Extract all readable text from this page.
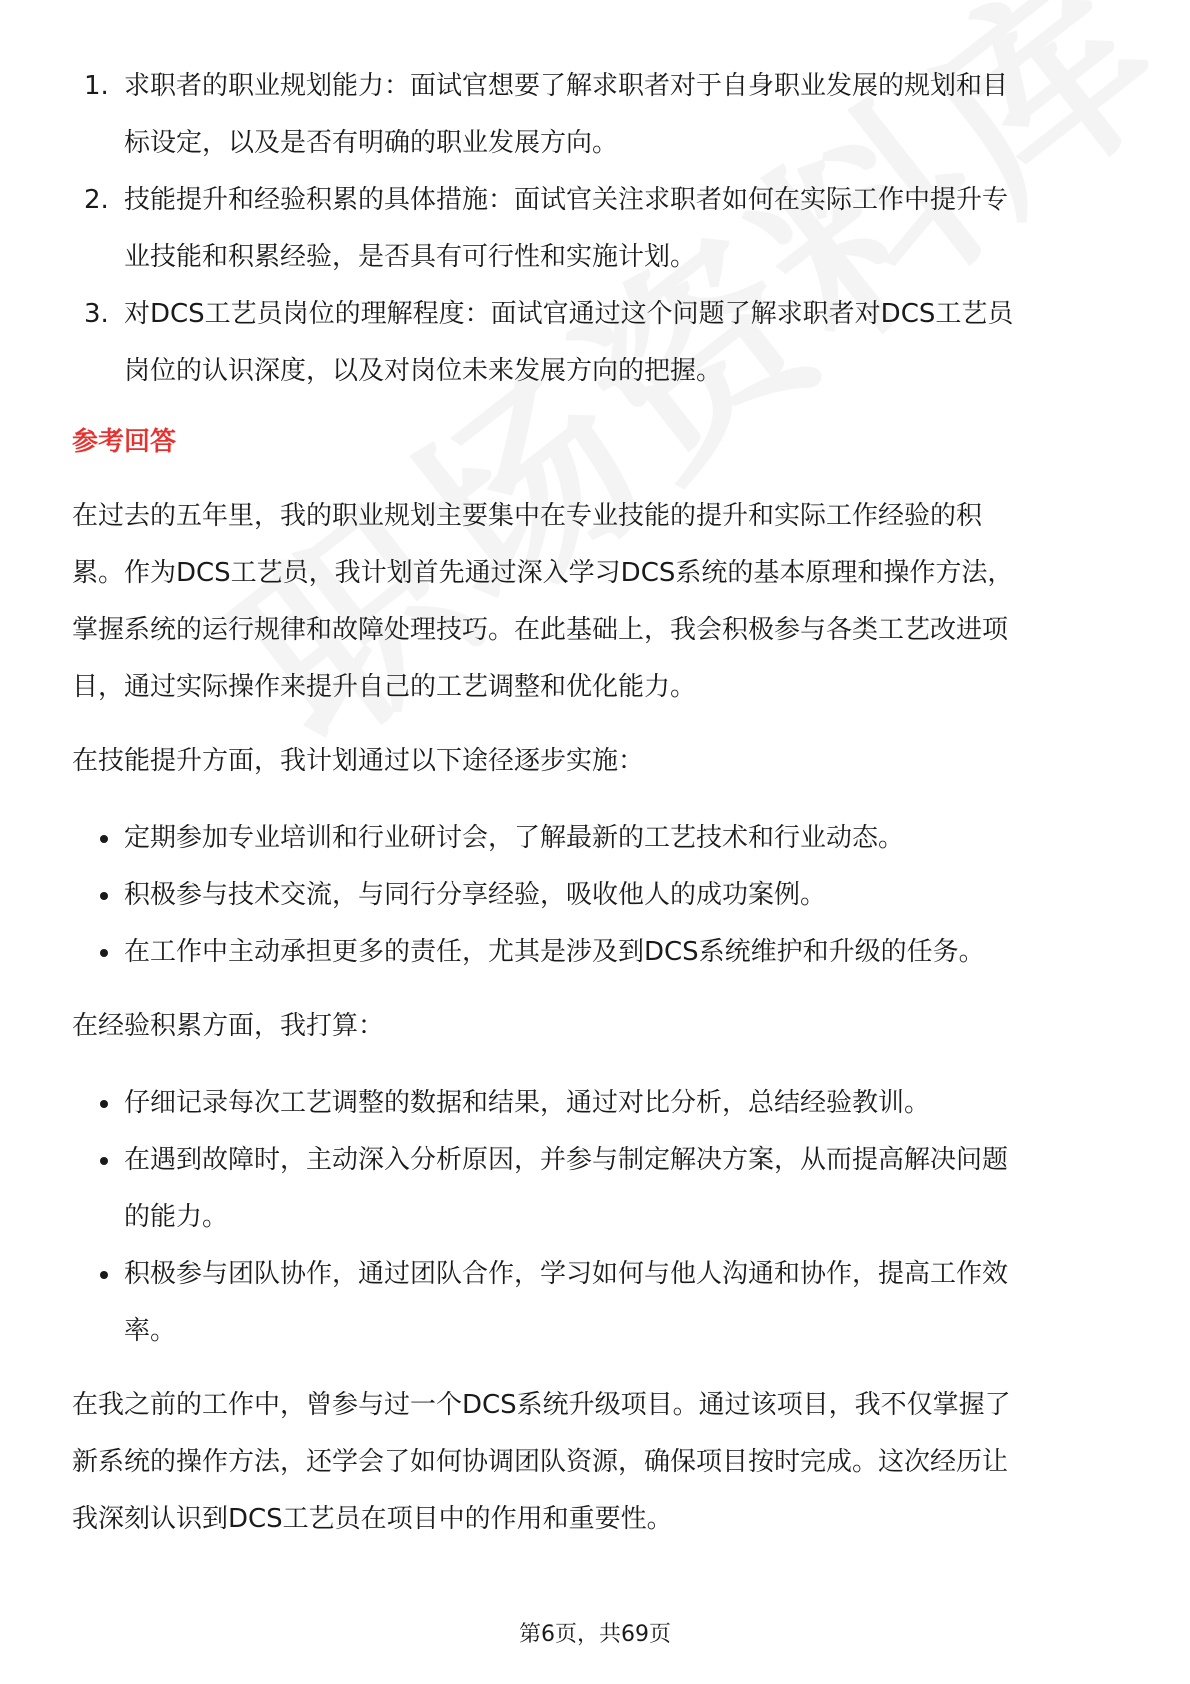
1. 求职者的职业规划能力：面试官想要了解求职者对于自身职业发展的规划和目
标设定，以及是否有明确的职业发展方向。
2. 技能提升和经验积累的具体措施：面试官关注求职者如何在实际工作中提升专
业技能和积累经验，是否具有可行性和实施计划。
3. 对DCS工艺员岗位的理解程度：面试官通过这个问题了解求职者对DCS工艺员
岗位的认识深度，以及对岗位未来发展方向的把握。
参考回答

在过去的五年里，我的职业规划主要集中在专业技能的提升和实际工作经验的积
累。作为DCS工艺员，我计划首先通过深入学习DCS系统的基本原理和操作方法，
掌握系统的运行规律和故障处理技巧。在此基础上，我会积极参与各类工艺改进项
目，通过实际操作来提升自己的工艺调整和优化能力。

在技能提升方面，我计划通过以下途径逐步实施：

定期参加专业培训和行业研讨会，了解最新的工艺技术和行业动态。
积极参与技术交流，与同行分享经验，吸收他人的成功案例。
在工作中主动承担更多的责任，尤其是涉及到DCS系统维护和升级的任务。

在经验积累方面，我打算：

仔细记录每次工艺调整的数据和结果，通过对比分析，总结经验教训。
在遇到故障时，主动深入分析原因，并参与制定解决方案，从而提高解决问题
的能力。
积极参与团队协作，通过团队合作，学习如何与他人沟通和协作，提高工作效
率。

在我之前的工作中，曾参与过一个DCS系统升级项目。通过该项目，我不仅掌握了
新系统的操作方法，还学会了如何协调团队资源，确保项目按时完成。这次经历让
我深刻认识到DCS工艺员在项目中的作用和重要性。

第6页，共69页
